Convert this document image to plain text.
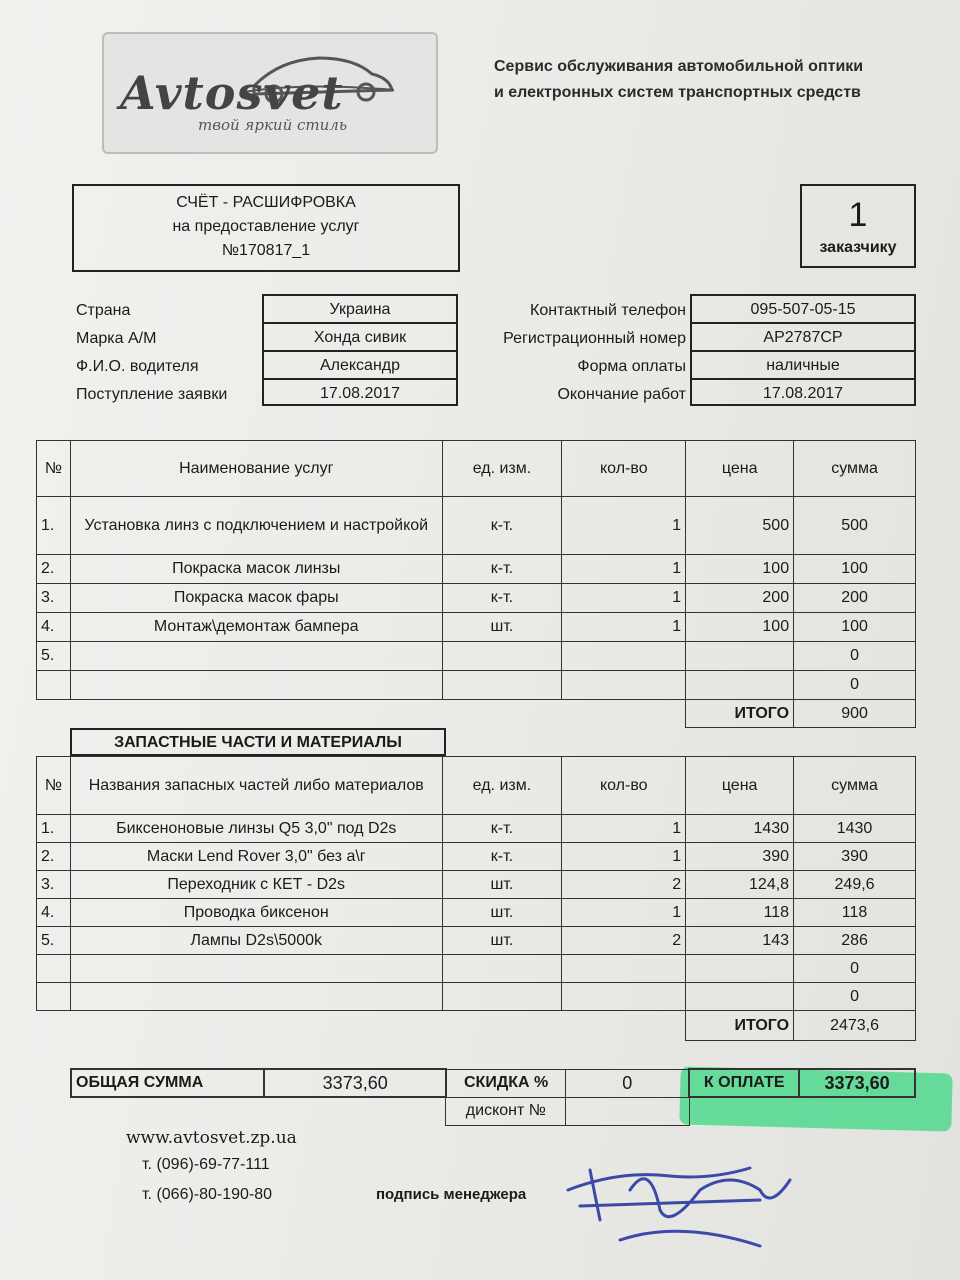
Avtosvet
твой яркий стиль
Сервис обслуживания автомобильной оптики
и електронных систем транспортных средств
СЧЁТ - РАСШИФРОВКА
на предоставление услуг
№170817_1
1
заказчику
Страна	Украина
Марка А/М	Хонда сивик
Ф.И.О. водителя	Александр
Поступление заявки	17.08.2017
Контактный телефон	095-507-05-15
Регистрационный номер	АР2787СР
Форма оплаты	наличные
Окончание работ	17.08.2017
№	Наименование услуг	ед. изм.	кол-во	цена	сумма
1.	Установка линз с подключением и настройкой	к-т.	1	500	500
2.	Покраска масок линзы	к-т.	1	100	100
3.	Покраска масок фары	к-т.	1	200	200
4.	Монтаж\демонтаж бампера	шт.	1	100	100
5.					0
					0
				ИТОГО	900
ЗАПАСТНЫЕ ЧАСТИ И МАТЕРИАЛЫ
№	Названия запасных частей либо материалов	ед. изм.	кол-во	цена	сумма
1.	Биксеноновые линзы Q5 3,0" под D2s	к-т.	1	1430	1430
2.	Маски Lend Rover 3,0" без а\г	к-т.	1	390	390
3.	Переходник с КЕТ - D2s	шт.	2	124,8	249,6
4.	Проводка биксенон	шт.	1	118	118
5.	Лампы D2s\5000k	шт.	2	143	286
					0
					0
				ИТОГО	2473,6
ОБЩАЯ СУММА	3373,60	СКИДКА %	0	К ОПЛАТЕ	3373,60
		дисконт №			
www.avtosvet.zp.ua
т. (096)-69-77-111
т. (066)-80-190-80	подпись менеджера
